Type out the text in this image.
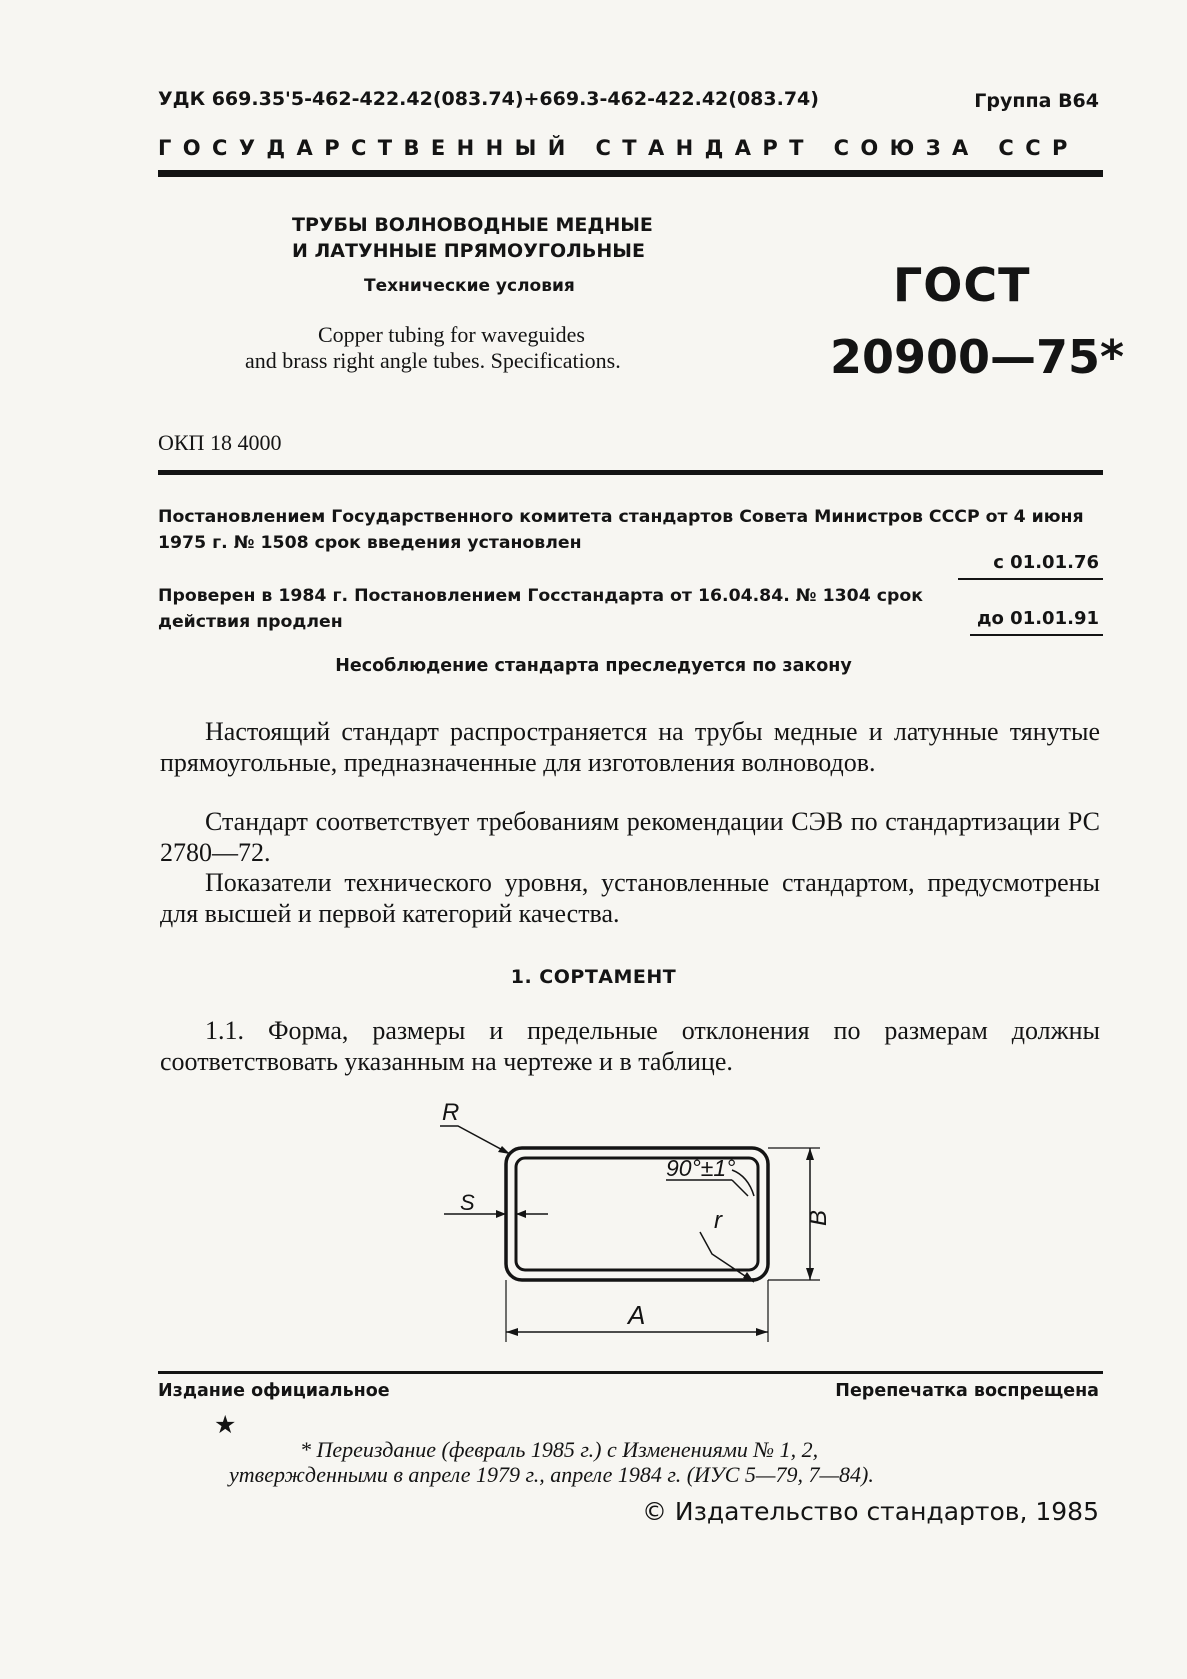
УДК 669.35'5-462-422.42(083.74)+669.3-462-422.42(083.74)	Группа В64
ГОСУДАРСТВЕННЫЙ СТАНДАРТ СОЮЗА ССР
ТРУБЫ ВОЛНОВОДНЫЕ МЕДНЫЕ
И ЛАТУННЫЕ ПРЯМОУГОЛЬНЫЕ
Технические условия
Copper tubing for waveguides
and brass right angle tubes. Specifications.
ГОСТ
20900—75*
ОКП 18 4000
Постановлением Государственного комитета стандартов Совета Министров СССР от 4 июня 1975 г. № 1508 срок введения установлен
с 01.01.76
Проверен в 1984 г. Постановлением Госстандарта от 16.04.84. № 1304 срок действия продлен	до 01.01.91
Несоблюдение стандарта преследуется по закону

Настоящий стандарт распространяется на трубы медные и латунные тянутые прямоугольные, предназначенные для изготовления волноводов.

Стандарт соответствует требованиям рекомендации СЭВ по стандартизации РС 2780—72.

Показатели технического уровня, установленные стандартом, предусмотрены для высшей и первой категорий качества.

1. СОРТАМЕНТ

1.1. Форма, размеры и предельные отклонения по размерам должны соответствовать указанным на чертеже и в таблице.

R
S
90°±1°
r	B
A
Издание официальное	Перепечатка воспрещена
★
* Переиздание (февраль 1985 г.) с Изменениями № 1, 2,
утвержденными в апреле 1979 г., апреле 1984 г. (ИУС 5—79, 7—84).
© Издательство стандартов, 1985
